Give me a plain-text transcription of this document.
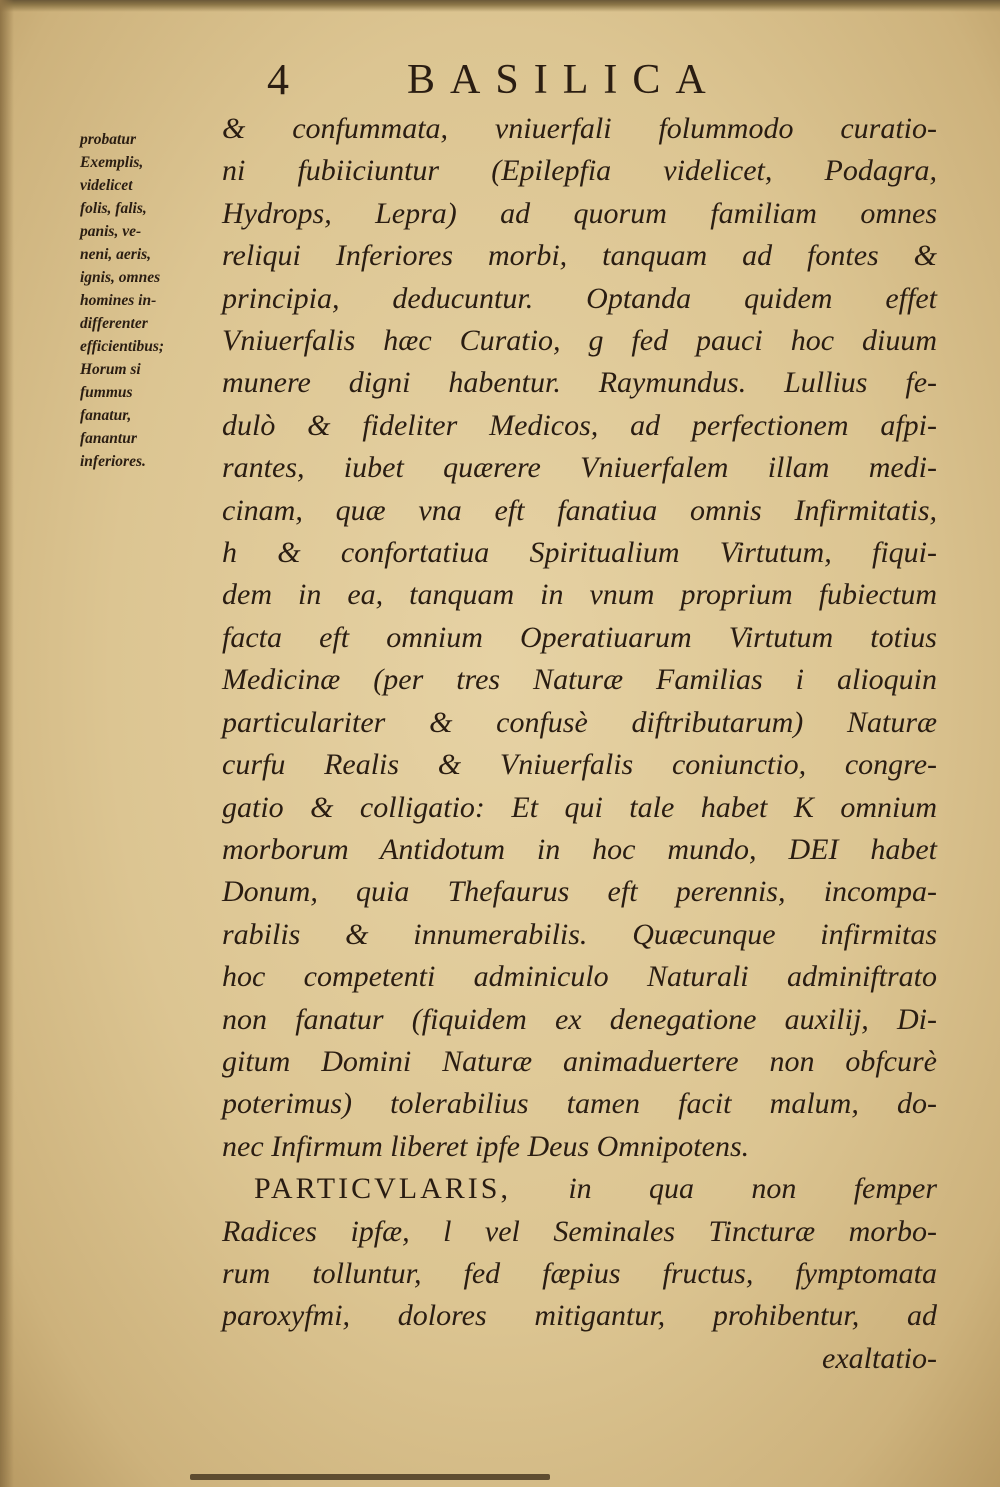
4	BASILICA
probatur
Exemplis,
videlicet
folis, falis,
panis, ve-
neni, aeris,
ignis, omnes
homines in-
differenter
efficientibus;
Horum si
fummus
fanatur,
fanantur
inferiores.
& confummata, vniuerfali folummodo curatio-
ni fubiiciuntur (Epilepfia videlicet, Podagra,
Hydrops, Lepra) ad quorum familiam omnes
reliqui Inferiores morbi, tanquam ad fontes &
principia, deducuntur. Optanda quidem effet
Vniuerfalis hæc Curatio, g fed pauci hoc diuum
munere digni habentur. Raymundus. Lullius fe-
dulò & fideliter Medicos, ad perfectionem afpi-
rantes, iubet quærere Vniuerfalem illam medi-
cinam, quæ vna eft fanatiua omnis Infirmitatis,
h & confortatiua Spiritualium Virtutum, fiqui-
dem in ea, tanquam in vnum proprium fubiectum
facta eft omnium Operatiuarum Virtutum totius
Medicinæ (per tres Naturæ Familias i alioquin
particulariter & confusè diftributarum) Naturæ
curfu Realis & Vniuerfalis coniunctio, congre-
gatio & colligatio: Et qui tale habet K omnium
morborum Antidotum in hoc mundo, DEI habet
Donum, quia Thefaurus eft perennis, incompa-
rabilis & innumerabilis. Quæcunque infirmitas
hoc competenti adminiculo Naturali adminiftrato
non fanatur (fiquidem ex denegatione auxilij, Di-
gitum Domini Naturæ animaduertere non obfcurè
poterimus) tolerabilius tamen facit malum, do-
nec Infirmum liberet ipfe Deus Omnipotens.
PARTICVLARIS, in qua non femper
Radices ipfæ, l vel Seminales Tincturæ morbo-
rum tolluntur, fed fæpius fructus, fymptomata
paroxyfmi, dolores mitigantur, prohibentur, ad
exaltatio-
